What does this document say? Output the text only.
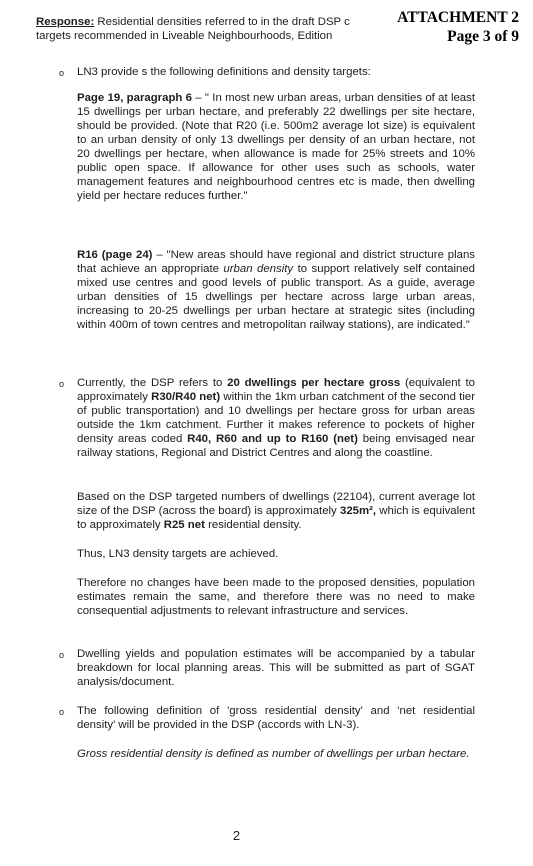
Response: Residential densities referred to in the draft DSP c
targets recommended in Liveable Neighbourhoods, Edition
ATTACHMENT 2
Page 3 of 9
o LN3 provide s the following definitions and density targets:
Page 19, paragraph 6 – " In most new urban areas, urban densities of at least 15 dwellings per urban hectare, and preferably 22 dwellings per site hectare, should be provided. (Note that R20 (i.e. 500m2 average lot size) is equivalent to an urban density of only 13 dwellings per density of an urban hectare, not 20 dwellings per hectare, when allowance is made for 25% streets and 10% public open space. If allowance for other uses such as schools, water management features and neighbourhood centres etc is made, then dwelling yield per hectare reduces further."
R16 (page 24) – "New areas should have regional and district structure plans that achieve an appropriate urban density to support relatively self contained mixed use centres and good levels of public transport. As a guide, average urban densities of 15 dwellings per hectare across large urban areas, increasing to 20-25 dwellings per urban hectare at strategic sites (including within 400m of town centres and metropolitan railway stations), are indicated."
o Currently, the DSP refers to 20 dwellings per hectare gross (equivalent to approximately R30/R40 net) within the 1km urban catchment of the second tier of public transportation) and 10 dwellings per hectare gross for urban areas outside the 1km catchment. Further it makes reference to pockets of higher density areas coded R40, R60 and up to R160 (net) being envisaged near railway stations, Regional and District Centres and along the coastline.
Based on the DSP targeted numbers of dwellings (22104), current average lot size of the DSP (across the board) is approximately 325m², which is equivalent to approximately R25 net residential density.
Thus, LN3 density targets are achieved.
Therefore no changes have been made to the proposed densities, population estimates remain the same, and therefore there was no need to make consequential adjustments to relevant infrastructure and services.
o Dwelling yields and population estimates will be accompanied by a tabular breakdown for local planning areas. This will be submitted as part of SGAT analysis/document.
o The following definition of 'gross residential density' and 'net residential density' will be provided in the DSP (accords with LN-3).
Gross residential density is defined as number of dwellings per urban hectare.
2
